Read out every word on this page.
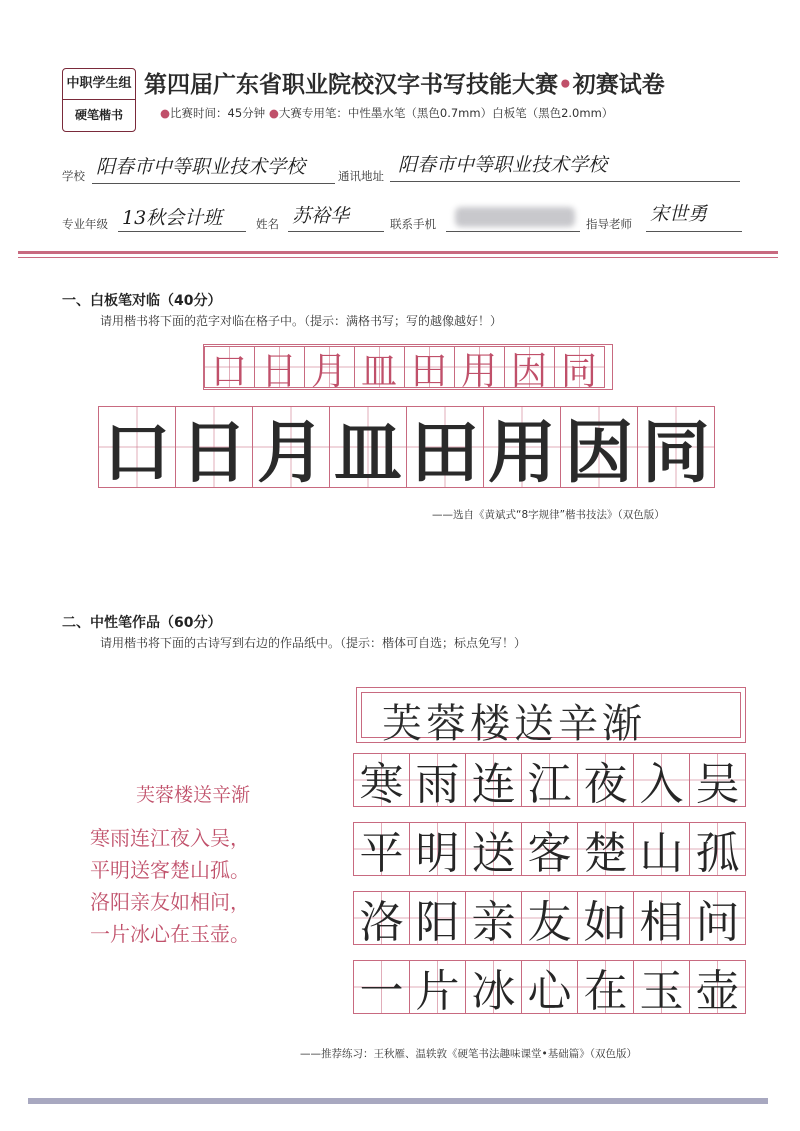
中职学生组
硬笔楷书
第四届广东省职业院校汉字书写技能大赛•初赛试卷
●比赛时间：45分钟 ●大赛专用笔：中性墨水笔（黑色0.7mm）白板笔（黑色2.0mm）
学校 阳春市中等职业技术学校	通讯地址 阳春市中等职业技术学校
专业年级 13秋会计班	姓名 苏裕华	联系手机	指导老师 宋世勇
一、白板笔对临（40分）
请用楷书将下面的范字对临在格子中。（提示：满格书写；写的越像越好！）
口 日 月 皿 田 用 因 同
口 日 月 皿 田 用 因 同
——选自《黄斌式“8字规律”楷书技法》（双色版）
二、中性笔作品（60分）
请用楷书将下面的古诗写到右边的作品纸中。（提示：楷体可自选；标点免写！）
芙蓉楼送辛渐
寒雨连江夜入吴，
平明送客楚山孤。
洛阳亲友如相问，
一片冰心在玉壶。
芙蓉楼送辛渐
寒 雨 连 江 夜 入 吴
平 明 送 客 楚 山 孤
洛 阳 亲 友 如 相 问
一 片 冰 心 在 玉 壶
——推荐练习：王秋雁、温轶敦《硬笔书法趣味课堂•基础篇》（双色版）
